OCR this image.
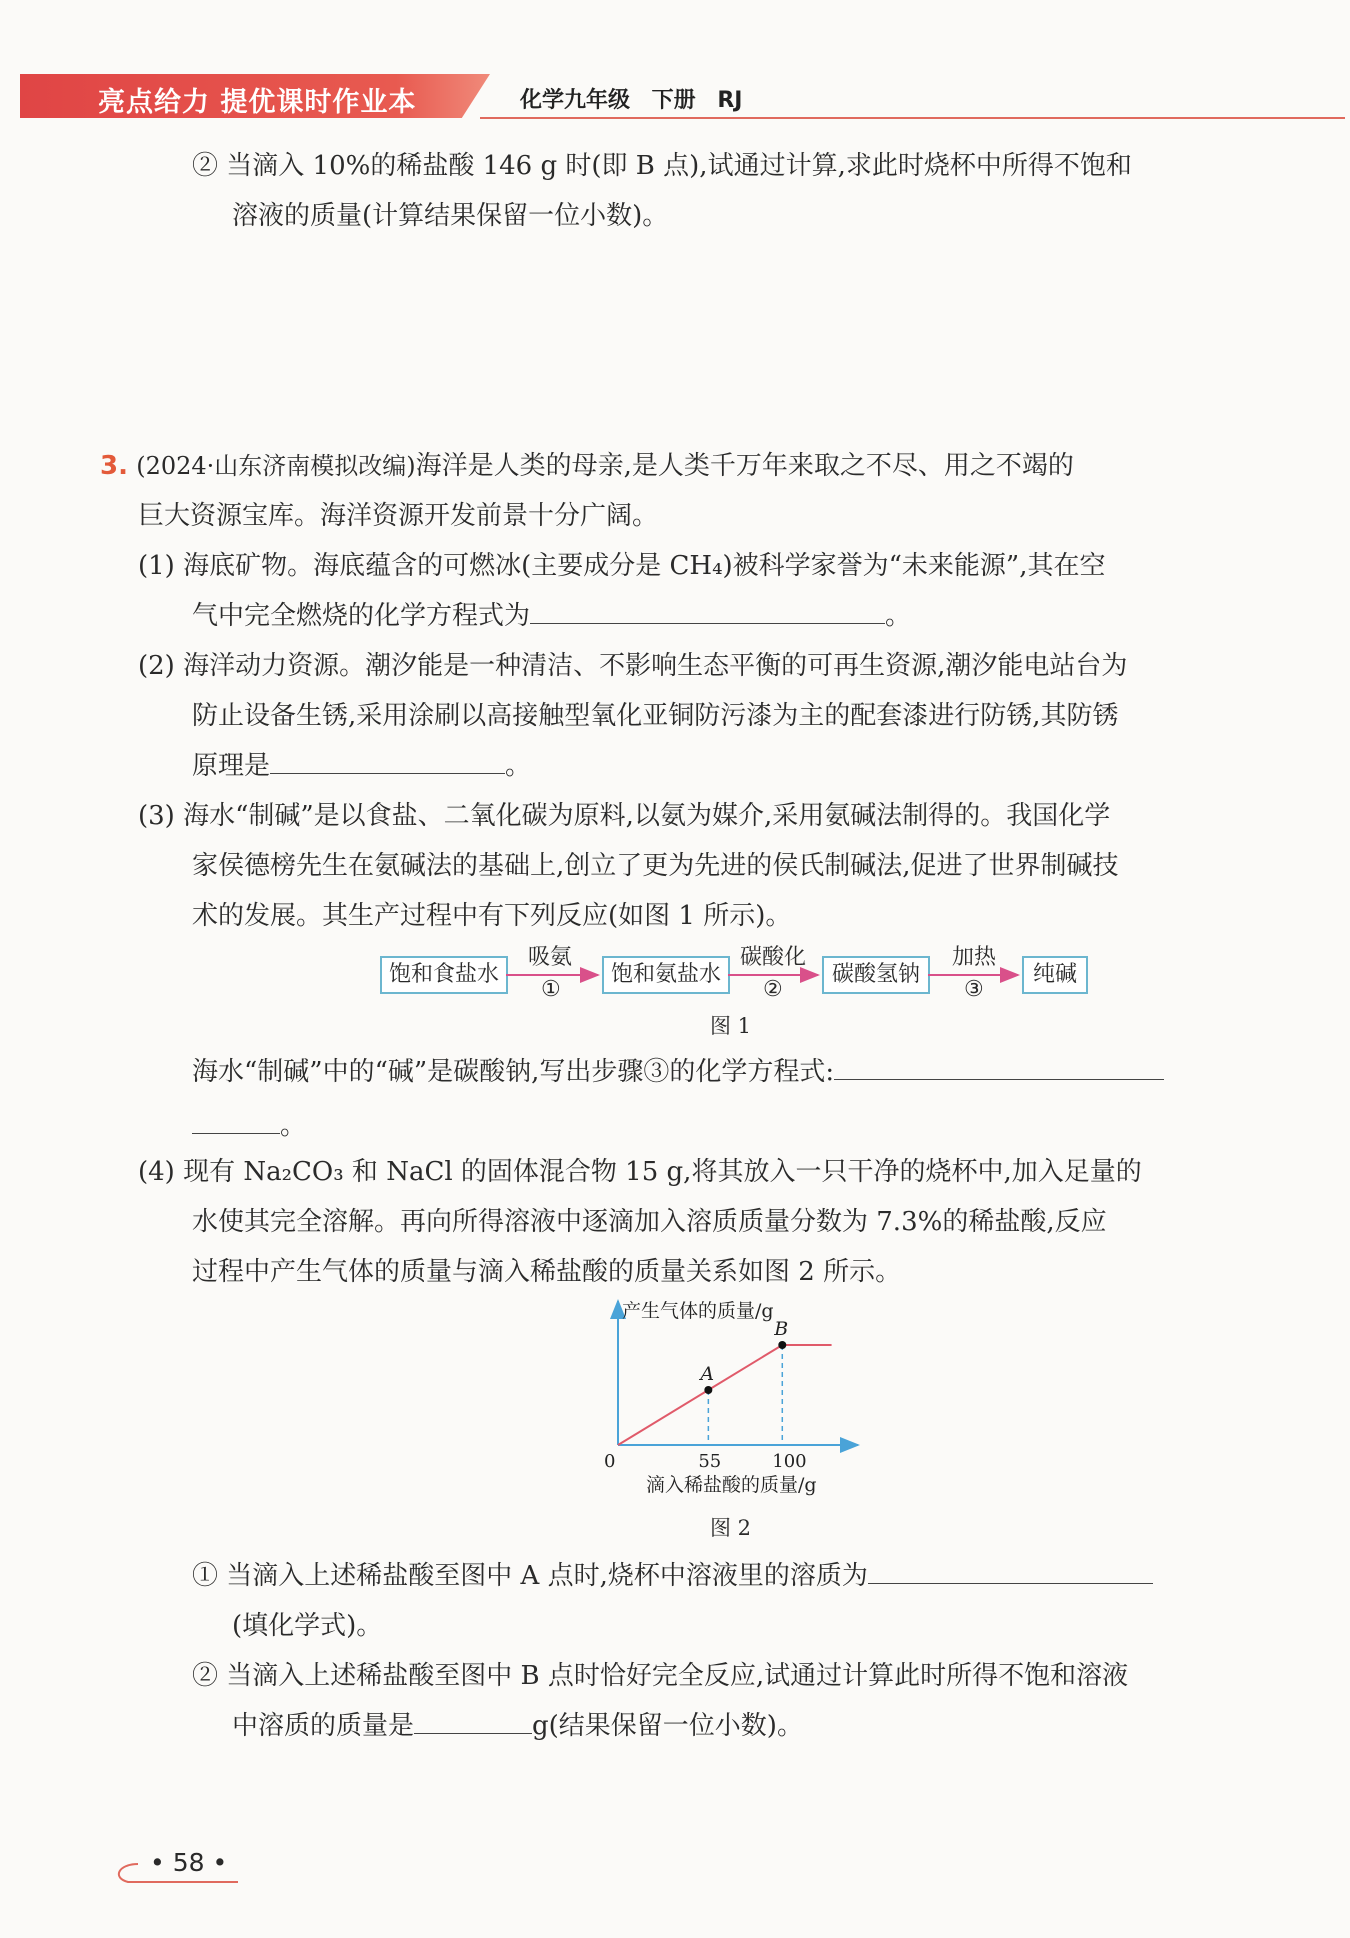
亮点给力 提优课时作业本	化学九年级 下册 RJ
② 当滴入 10%的稀盐酸 146 g 时(即 B 点),试通过计算,求此时烧杯中所得不饱和
溶液的质量(计算结果保留一位小数)。
3. (2024·山东济南模拟改编)海洋是人类的母亲,是人类千万年来取之不尽、用之不竭的
巨大资源宝库。海洋资源开发前景十分广阔。
(1) 海底矿物。海底蕴含的可燃冰(主要成分是 CH₄)被科学家誉为“未来能源”,其在空
气中完全燃烧的化学方程式为	。
(2) 海洋动力资源。潮汐能是一种清洁、不影响生态平衡的可再生资源,潮汐能电站台为
防止设备生锈,采用涂刷以高接触型氧化亚铜防污漆为主的配套漆进行防锈,其防锈
原理是	。
(3) 海水“制碱”是以食盐、二氧化碳为原料,以氨为媒介,采用氨碱法制得的。我国化学
家侯德榜先生在氨碱法的基础上,创立了更为先进的侯氏制碱法,促进了世界制碱技
术的发展。其生产过程中有下列反应(如图 1 所示)。
饱和食盐水	饱和氨盐水	碳酸氢钠	纯碱
吸氨
①
碳酸化
②
加热
③
图 1
海水“制碱”中的“碱”是碳酸钠,写出步骤③的化学方程式:
。
(4) 现有 Na₂CO₃ 和 NaCl 的固体混合物 15 g,将其放入一只干净的烧杯中,加入足量的
水使其完全溶解。再向所得溶液中逐滴加入溶质质量分数为 7.3%的稀盐酸,反应
过程中产生气体的质量与滴入稀盐酸的质量关系如图 2 所示。
产生气体的质量/g
滴入稀盐酸的质量/g
0	55	100
A
B
图 2
① 当滴入上述稀盐酸至图中 A 点时,烧杯中溶液里的溶质为
(填化学式)。
② 当滴入上述稀盐酸至图中 B 点时恰好完全反应,试通过计算此时所得不饱和溶液
中溶质的质量是	g(结果保留一位小数)。
• 58 •
